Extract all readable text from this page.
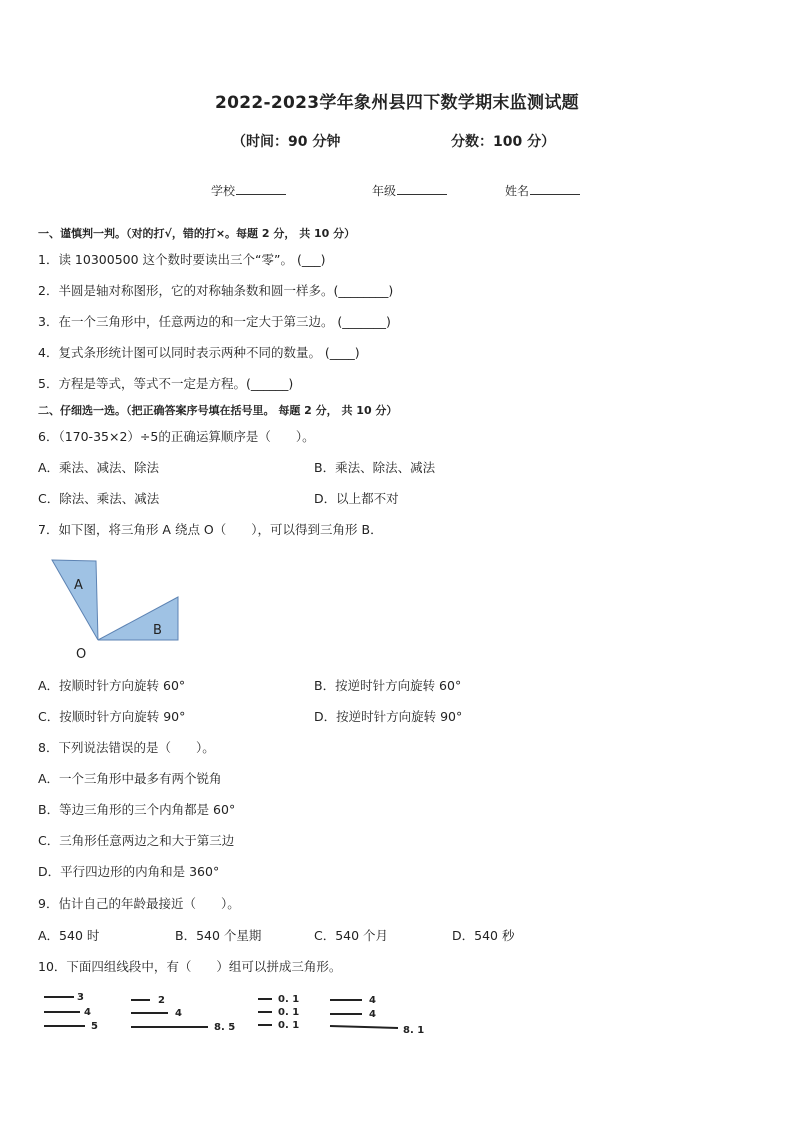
2022-2023学年象州县四下数学期末监测试题
（时间：90 分钟	分数：100 分）
学校	年级	姓名
一、谨慎判一判。（对的打√，错的打×。每题 2 分， 共 10 分）
1．读 10300500 这个数时要读出三个“零”。 (___)
2．半圆是轴对称图形，它的对称轴条数和圆一样多。(________)
3．在一个三角形中，任意两边的和一定大于第三边。 (_______)
4．复式条形统计图可以同时表示两种不同的数量。 (____)
5．方程是等式，等式不一定是方程。(______)
二、仔细选一选。（把正确答案序号填在括号里。 每题 2 分， 共 10 分）
6．（170-35×2）÷5的正确运算顺序是（　　）。
A．乘法、减法、除法	B．乘法、除法、减法
C．除法、乘法、减法	D．以上都不对
7．如下图，将三角形 A 绕点 O（　　），可以得到三角形 B．
A
B
O
A．按顺时针方向旋转 60°	B．按逆时针方向旋转 60°
C．按顺时针方向旋转 90°	D．按逆时针方向旋转 90°
8．下列说法错误的是（　　）。
A．一个三角形中最多有两个锐角
B．等边三角形的三个内角都是 60°
C．三角形任意两边之和大于第三边
D．平行四边形的内角和是 360°
9．估计自己的年龄最接近（　　）。
A．540 时	B．540 个星期	C．540 个月	D．540 秒
10．下面四组线段中，有（　　）组可以拼成三角形。
3
4
5
2
4
8. 5
0. 1
0. 1
0. 1
4
4
8. 1
